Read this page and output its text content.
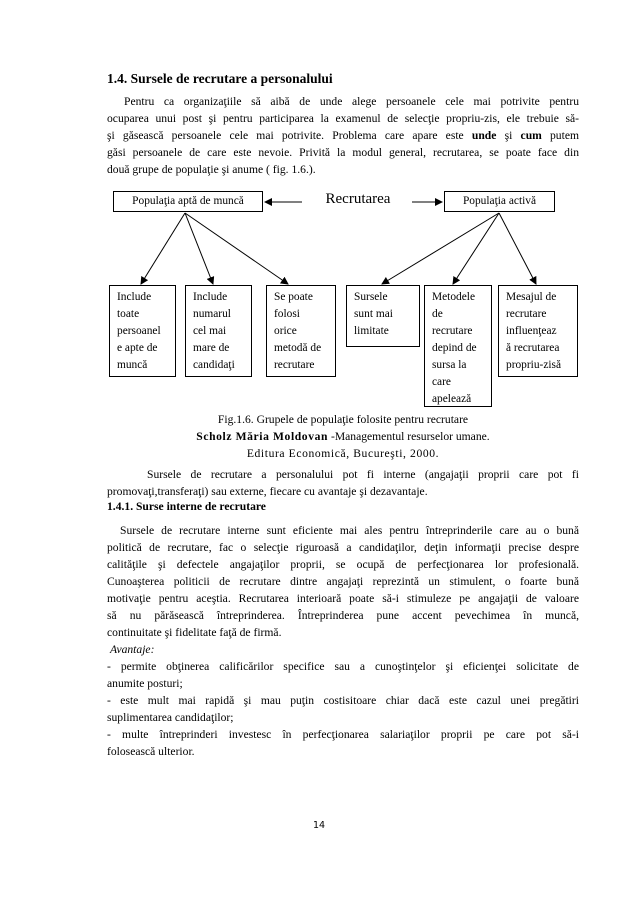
1.4. Sursele de recrutare a personalului
Pentru ca organizaţiile să aibă de unde alege persoanele cele mai potrivite pentru
ocuparea unui post şi pentru participarea la examenul de selecţie propriu-zis, ele trebuie să-
şi găsească persoanele cele mai potrivite. Problema care apare este unde şi cum putem
găsi persoanele de care este nevoie. Privită la modul general, recrutarea, se poate face din
două grupe de populaţie şi anume ( fig. 1.6.).
Populaţia aptă de muncă	Recrutarea	Populaţia activă
Include
toate
persoanel
e apte de
muncă
Include
numarul
cel mai
mare de
candidaţi
Se poate
folosi
orice
metodă de
recrutare
Sursele
sunt mai
limitate
Metodele
de
recrutare
depind de
sursa la
care
apelează
Mesajul de
recrutare
influenţeaz
ă recrutarea
propriu-zisă
Fig.1.6. Grupele de populaţie folosite pentru recrutare
Scholz Măria Moldovan -Managementul resurselor umane.
Editura Economică, Bucureşti, 2000.
Sursele de recrutare a personalului pot fi interne (angajaţii proprii care pot fi
promovaţi,transferaţi) sau externe, fiecare cu avantaje şi dezavantaje.
1.4.1. Surse interne de recrutare
Sursele de recrutare interne sunt eficiente mai ales pentru întreprinderile care au o bună
politică de recrutare, fac o selecţie riguroasă a candidaţilor, deţin informaţii precise despre
calităţile şi defectele angajaţilor proprii, se ocupă de perfecţionarea lor profesională.
Cunoaşterea politicii de recrutare dintre angajaţi reprezintă un stimulent, o foarte bună
motivaţie pentru aceştia. Recrutarea interioară poate să-i stimuleze pe angajaţii de valoare
să nu părăsească întreprinderea. Întreprinderea pune accent pevechimea în muncă,
continuitate şi fidelitate faţă de firmă.
Avantaje:
- permite obţinerea calificărilor specifice sau a cunoştinţelor şi eficienţei solicitate de
anumite posturi;
- este mult mai rapidă şi mau puţin costisitoare chiar dacă este cazul unei pregătiri
suplimentarea candidaţilor;
- multe întreprinderi investesc în perfecţionarea salariaţilor proprii pe care pot să-i
folosească ulterior.
14
